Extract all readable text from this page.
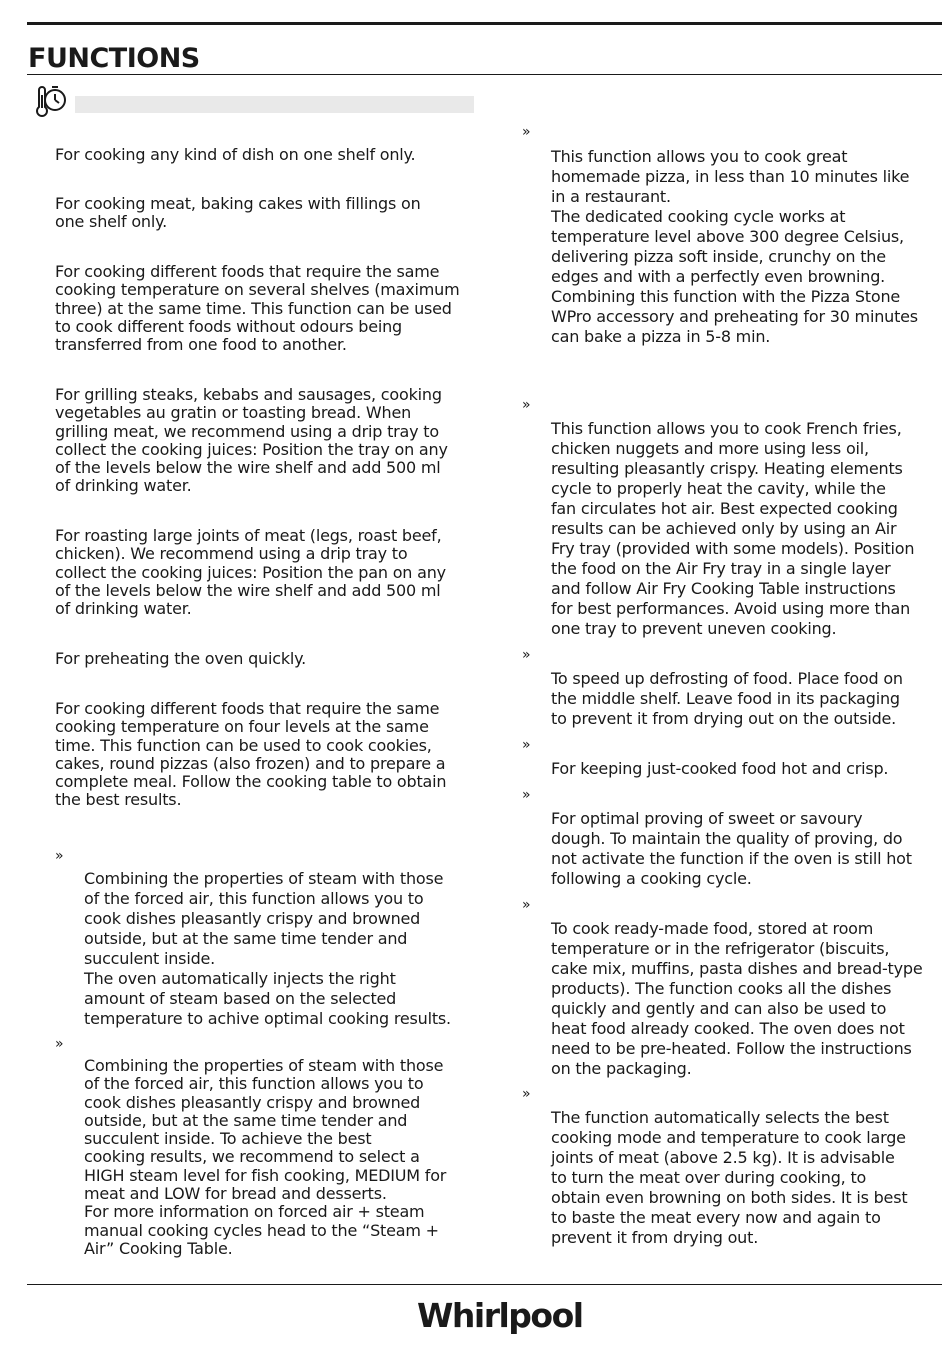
FUNCTIONS

For cooking any kind of dish on one shelf only.

For cooking meat, baking cakes with fillings on
one shelf only.

For cooking different foods that require the same
cooking temperature on several shelves (maximum
three) at the same time. This function can be used
to cook different foods without odours being
transferred from one food to another.

For grilling steaks, kebabs and sausages, cooking
vegetables au gratin or toasting bread. When
grilling meat, we recommend using a drip tray to
collect the cooking juices: Position the tray on any
of the levels below the wire shelf and add 500 ml
of drinking water.

For roasting large joints of meat (legs, roast beef,
chicken). We recommend using a drip tray to
collect the cooking juices: Position the pan on any
of the levels below the wire shelf and add 500 ml
of drinking water.

For preheating the oven quickly.

For cooking different foods that require the same
cooking temperature on four levels at the same
time. This function can be used to cook cookies,
cakes, round pizzas (also frozen) and to prepare a
complete meal. Follow the cooking table to obtain
the best results.

»

Combining the properties of steam with those
of the forced air, this function allows you to
cook dishes pleasantly crispy and browned
outside, but at the same time tender and
succulent inside.
The oven automatically injects the right
amount of steam based on the selected
temperature to achive optimal cooking results.

»

Combining the properties of steam with those
of the forced air, this function allows you to
cook dishes pleasantly crispy and browned
outside, but at the same time tender and
succulent inside. To achieve the best
cooking results, we recommend to select a
HIGH steam level for fish cooking, MEDIUM for
meat and LOW for bread and desserts.
For more information on forced air + steam
manual cooking cycles head to the “Steam +
Air” Cooking Table.

»

This function allows you to cook great
homemade pizza, in less than 10 minutes like
in a restaurant.
The dedicated cooking cycle works at
temperature level above 300 degree Celsius,
delivering pizza soft inside, crunchy on the
edges and with a perfectly even browning.
Combining this function with the Pizza Stone
WPro accessory and preheating for 30 minutes
can bake a pizza in 5-8 min.

»

This function allows you to cook French fries,
chicken nuggets and more using less oil,
resulting pleasantly crispy. Heating elements
cycle to properly heat the cavity, while the
fan circulates hot air. Best expected cooking
results can be achieved only by using an Air
Fry tray (provided with some models). Position
the food on the Air Fry tray in a single layer
and follow Air Fry Cooking Table instructions
for best performances. Avoid using more than
one tray to prevent uneven cooking.

»

To speed up defrosting of food. Place food on
the middle shelf. Leave food in its packaging
to prevent it from drying out on the outside.

»

For keeping just-cooked food hot and crisp.

»

For optimal proving of sweet or savoury
dough. To maintain the quality of proving, do
not activate the function if the oven is still hot
following a cooking cycle.

»

To cook ready-made food, stored at room
temperature or in the refrigerator (biscuits,
cake mix, muffins, pasta dishes and bread-type
products). The function cooks all the dishes
quickly and gently and can also be used to
heat food already cooked. The oven does not
need to be pre-heated. Follow the instructions
on the packaging.

»

The function automatically selects the best
cooking mode and temperature to cook large
joints of meat (above 2.5 kg). It is advisable
to turn the meat over during cooking, to
obtain even browning on both sides. It is best
to baste the meat every now and again to
prevent it from drying out.

Whirlpool
